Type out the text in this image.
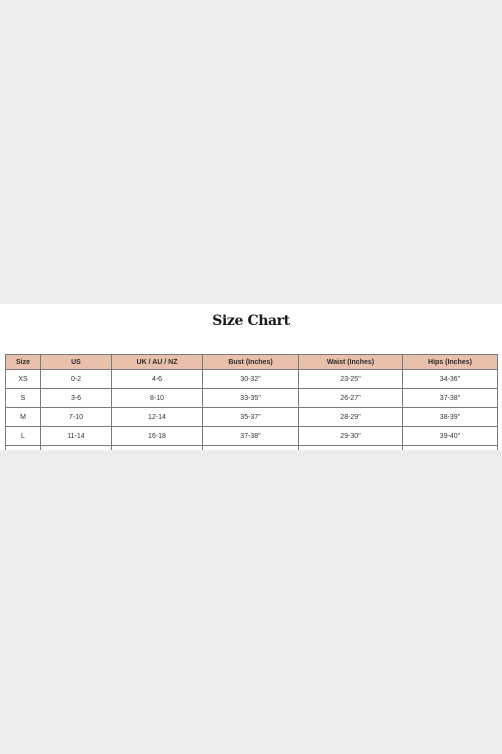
Size Chart
Size	US	UK / AU / NZ	Bust (Inches)	Waist (Inches)	Hips (Inches)
XS	0-2	4-6	30-32"	23-25"	34-36"
S	3-6	8-10	33-35"	26-27"	37-38"
M	7-10	12-14	35-37"	28-29"	38-39"
L	11-14	16-18	37-38"	29-30"	39-40"
